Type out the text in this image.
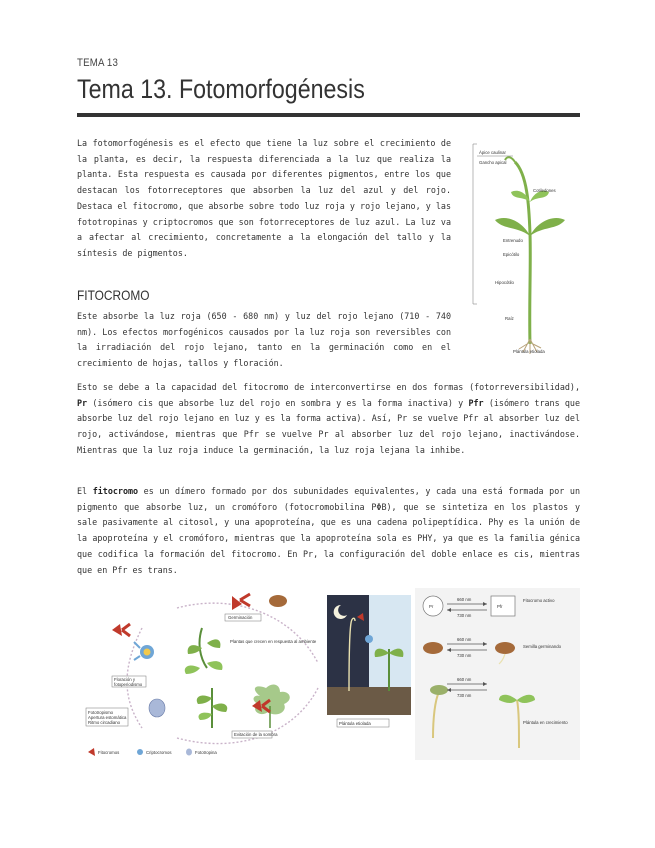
TEMA 13
Tema 13. Fotomorfogénesis

La fotomorfogénesis es el efecto que tiene la luz sobre el crecimiento de la planta, es decir, la respuesta diferenciada a la luz que realiza la planta. Esta respuesta es causada por diferentes pigmentos, entre los que destacan los fotorreceptores que absorben la luz del azul y del rojo. Destaca el fitocromo, que absorbe sobre todo luz roja y rojo lejano, y las fototropinas y criptocromos que son fotorreceptores de luz azul. La luz va a afectar al crecimiento, concretamente a la elongación del tallo y la síntesis de pigmentos.

Ápice caulinar
Gancho apical
Cotiledones
Entrenudo
Epicótilo
Hipocótilo
Raíz
Plántula etiolada
FITOCROMO

Este absorbe la luz roja (650 - 680 nm) y luz del rojo lejano (710 - 740 nm). Los efectos morfogénicos causados por la luz roja son reversibles con la irradiación del rojo lejano, tanto en la germinación como en el crecimiento de hojas, tallos y floración.

Esto se debe a la capacidad del fitocromo de interconvertirse en dos formas (fotorreversibilidad), Pr (isómero cis que absorbe luz del rojo en sombra y es la forma inactiva) y Pfr (isómero trans que absorbe luz del rojo lejano en luz y es la forma activa). Así, Pr se vuelve Pfr al absorber luz del rojo, activándose, mientras que Pfr se vuelve Pr al absorber luz del rojo lejano, inactivándose. Mientras que la luz roja induce la germinación, la luz roja lejana la inhibe.

El fitocromo es un dímero formado por dos subunidades equivalentes, y cada una está formada por un pigmento que absorbe luz, un cromóforo (fotocromobilina PΦB), que se sintetiza en los plastos y sale pasivamente al citosol, y una apoproteína, que es una cadena polipeptídica. Phy es la unión de la apoproteína y el cromóforo, mientras que la apoproteína sola es PHY, ya que es la familia génica que codifica la formación del fitocromo. En Pr, la configuración del doble enlace es cis, mientras que en Pfr es trans.

Germinación
Plantas que crecen en respuesta al ambiente
Floración y
fotoperiodismo
Fototropismo
Apertura estomática
Ritmo circadiano
Evitación de la sombra
Fitocromos	Criptocromos	Fototropina
Plántula etiolada
Pr
660 nm
730 nm
Pfr
Fitocromo activo
660 nm
730 nm
Semilla germinando
660 nm
730 nm
Plántula en crecimiento
